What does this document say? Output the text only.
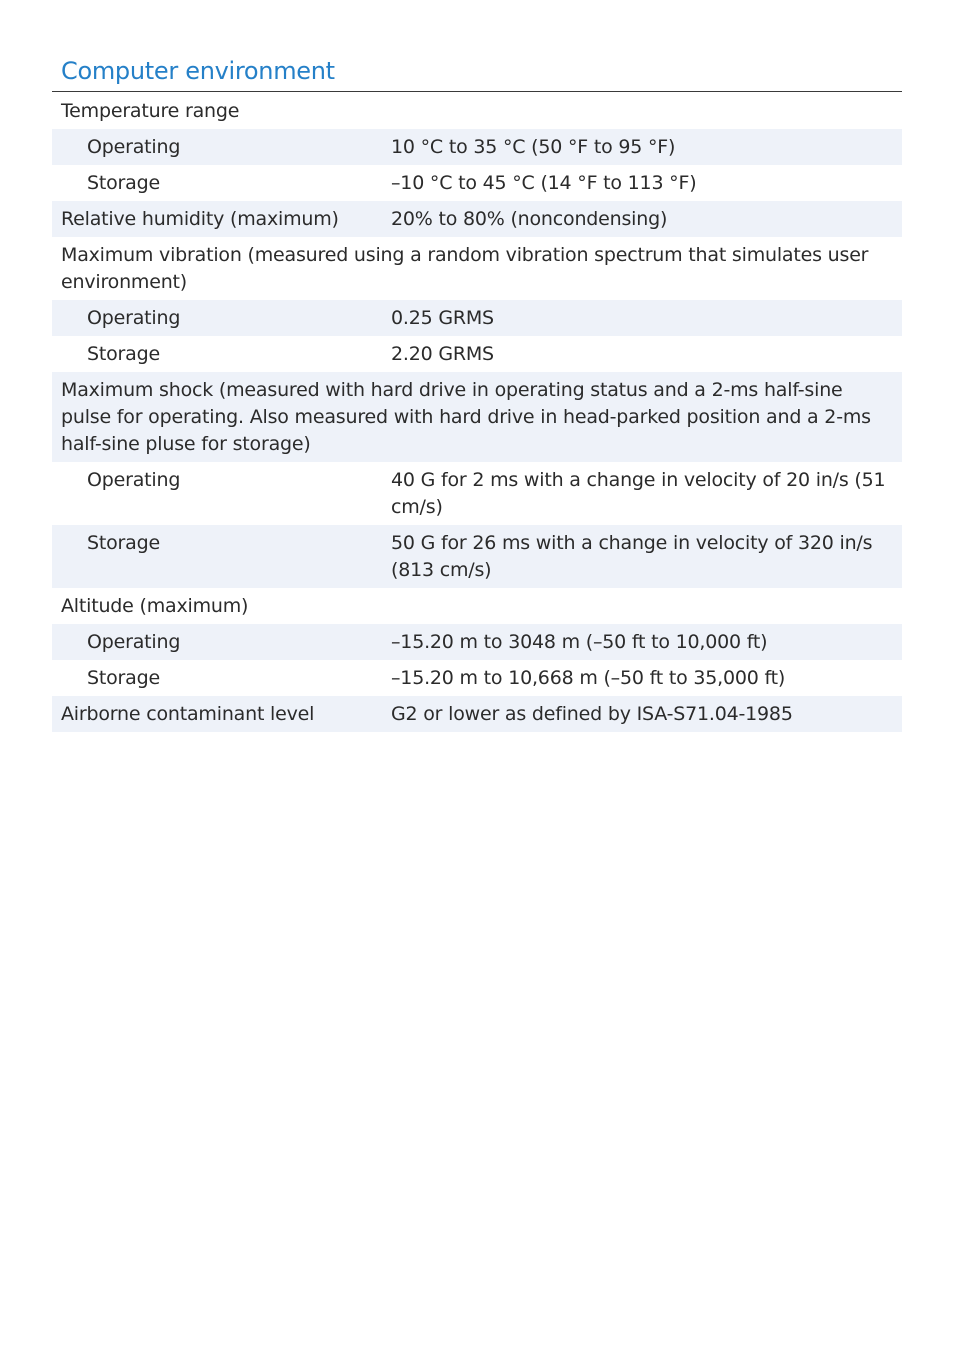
Computer environment
Temperature range	
Operating	10 °C to 35 °C (50 °F to 95 °F)
Storage	–10 °C to 45 °C (14 °F to 113 °F)
Relative humidity (maximum)	20% to 80% (noncondensing)
Maximum vibration (measured using a random vibration spectrum that simulates user environment)	
Operating	0.25 GRMS
Storage	2.20 GRMS
Maximum shock (measured with hard drive in operating status and a 2-ms half-sine pulse for operating. Also measured with hard drive in head-parked position and a 2-ms half-sine pluse for storage)	
Operating	40 G for 2 ms with a change in velocity of 20 in/s (51 cm/s)
Storage	50 G for 26 ms with a change in velocity of 320 in/s (813 cm/s)
Altitude (maximum)	
Operating	–15.20 m to 3048 m (–50 ft to 10,000 ft)
Storage	–15.20 m to 10,668 m (–50 ft to 35,000 ft)
Airborne contaminant level	G2 or lower as defined by ISA-S71.04-1985
